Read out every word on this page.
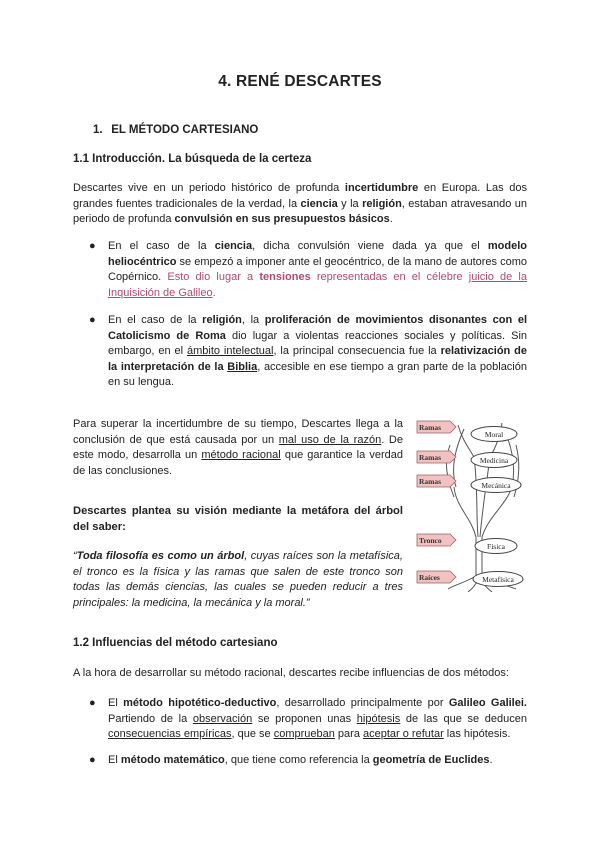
4. RENÉ DESCARTES
1. EL MÉTODO CARTESIANO
1.1 Introducción. La búsqueda de la certeza

Descartes vive en un periodo histórico de profunda incertidumbre en Europa. Las dos grandes fuentes tradicionales de la verdad, la ciencia y la religión, estaban atravesando un periodo de profunda convulsión en sus presupuestos básicos.

● En el caso de la ciencia, dicha convulsión viene dada ya que el modelo heliocéntrico se empezó a imponer ante el geocéntrico, de la mano de autores como Copérnico. Esto dio lugar a tensiones representadas en el célebre juicio de la Inquisición de Galileo.

● En el caso de la religión, la proliferación de movimientos disonantes con el Catolicismo de Roma dio lugar a violentas reacciones sociales y políticas. Sin embargo, en el ámbito intelectual, la principal consecuencia fue la relativización de la interpretación de la Biblia, accesible en ese tiempo a gran parte de la población en su lengua.

Para superar la incertidumbre de su tiempo, Descartes llega a la conclusión de que está causada por un mal uso de la razón. De este modo, desarrolla un método racional que garantice la verdad de las conclusiones.

Descartes plantea su visión mediante la metáfora del árbol del saber:

“Toda filosofía es como un árbol, cuyas raíces son la metafísica, el tronco es la física y las ramas que salen de este tronco son todas las demás ciencias, las cuales se pueden reducir a tres principales: la medicina, la mecánica y la moral.”

Moral
Medicina
Mecánica
Física
Metafísica
Ramas
Ramas
Ramas
Tronco
Raíces
1.2 Influencias del método cartesiano
A la hora de desarrollar su método racional, descartes recibe influencias de dos métodos:
● El método hipotético-deductivo, desarrollado principalmente por Galileo Galilei. Partiendo de la observación se proponen unas hipótesis de las que se deducen consecuencias empíricas, que se comprueban para aceptar o refutar las hipótesis.

● El método matemático, que tiene como referencia la geometría de Euclides.
